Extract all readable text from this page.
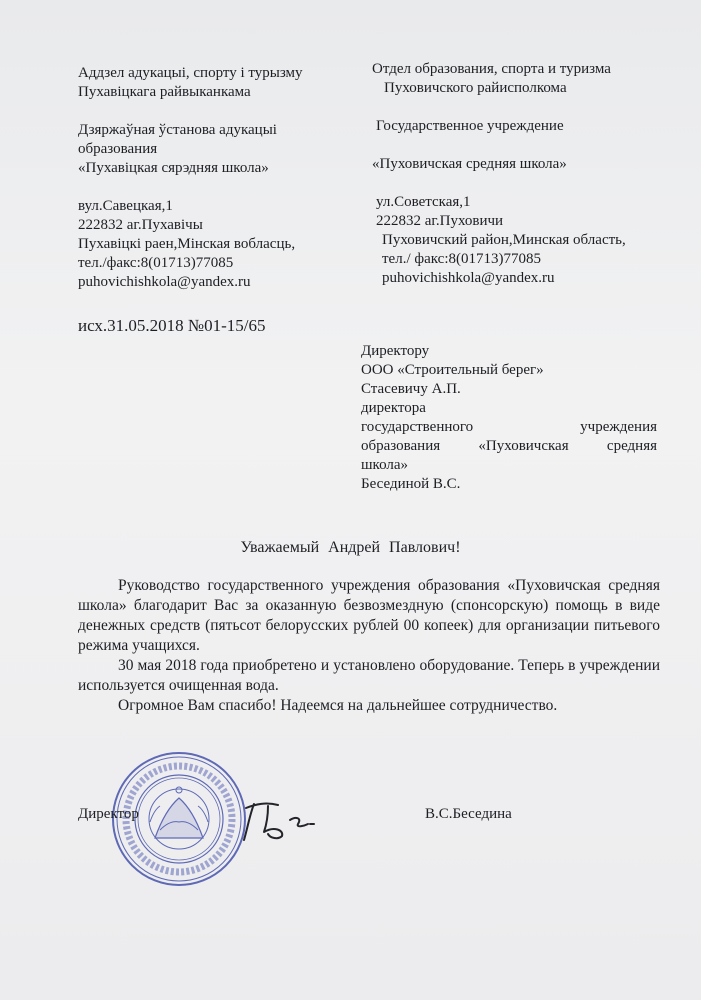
Аддзел адукацыі, спорту і турызму
Пухавіцкага райвыканкама
Дзяржаўная ўстанова адукацыі
образования
«Пухавіцкая сярэдняя школа»
вул.Савецкая,1
222832 аг.Пухавічы
Пухавіцкі раен,Мінская вобласць,
тел./факс:8(01713)77085
puhovichishkola@yandex.ru
Отдел образования, спорта и туризма
Пуховичского райисполкома
Государственное учреждение
«Пуховичская средняя школа»
ул.Советская,1
222832 аг.Пуховичи
Пуховичский район,Минская область,
тел./ факс:8(01713)77085
puhovichishkola@yandex.ru
исх.31.05.2018 №01-15/65
Директору
ООО «Строительный берег»
Стасевичу А.П.
директора
государственного учреждения
образования «Пуховичская средняя
школа»
Бесединой В.С.
Уважаемый Андрей Павлович!

Руководство государственного учреждения образования «Пуховичская средняя школа» благодарит Вас за оказанную безвозмездную (спонсорскую) помощь в виде денежных средств (пятьсот белорусских рублей 00 копеек) для организации питьевого режима учащихся.

30 мая 2018 года приобретено и установлено оборудование. Теперь в учреждении используется очищенная вода.

Огромное Вам спасибо! Надеемся на дальнейшее сотрудничество.

Директор	В.С.Беседина
